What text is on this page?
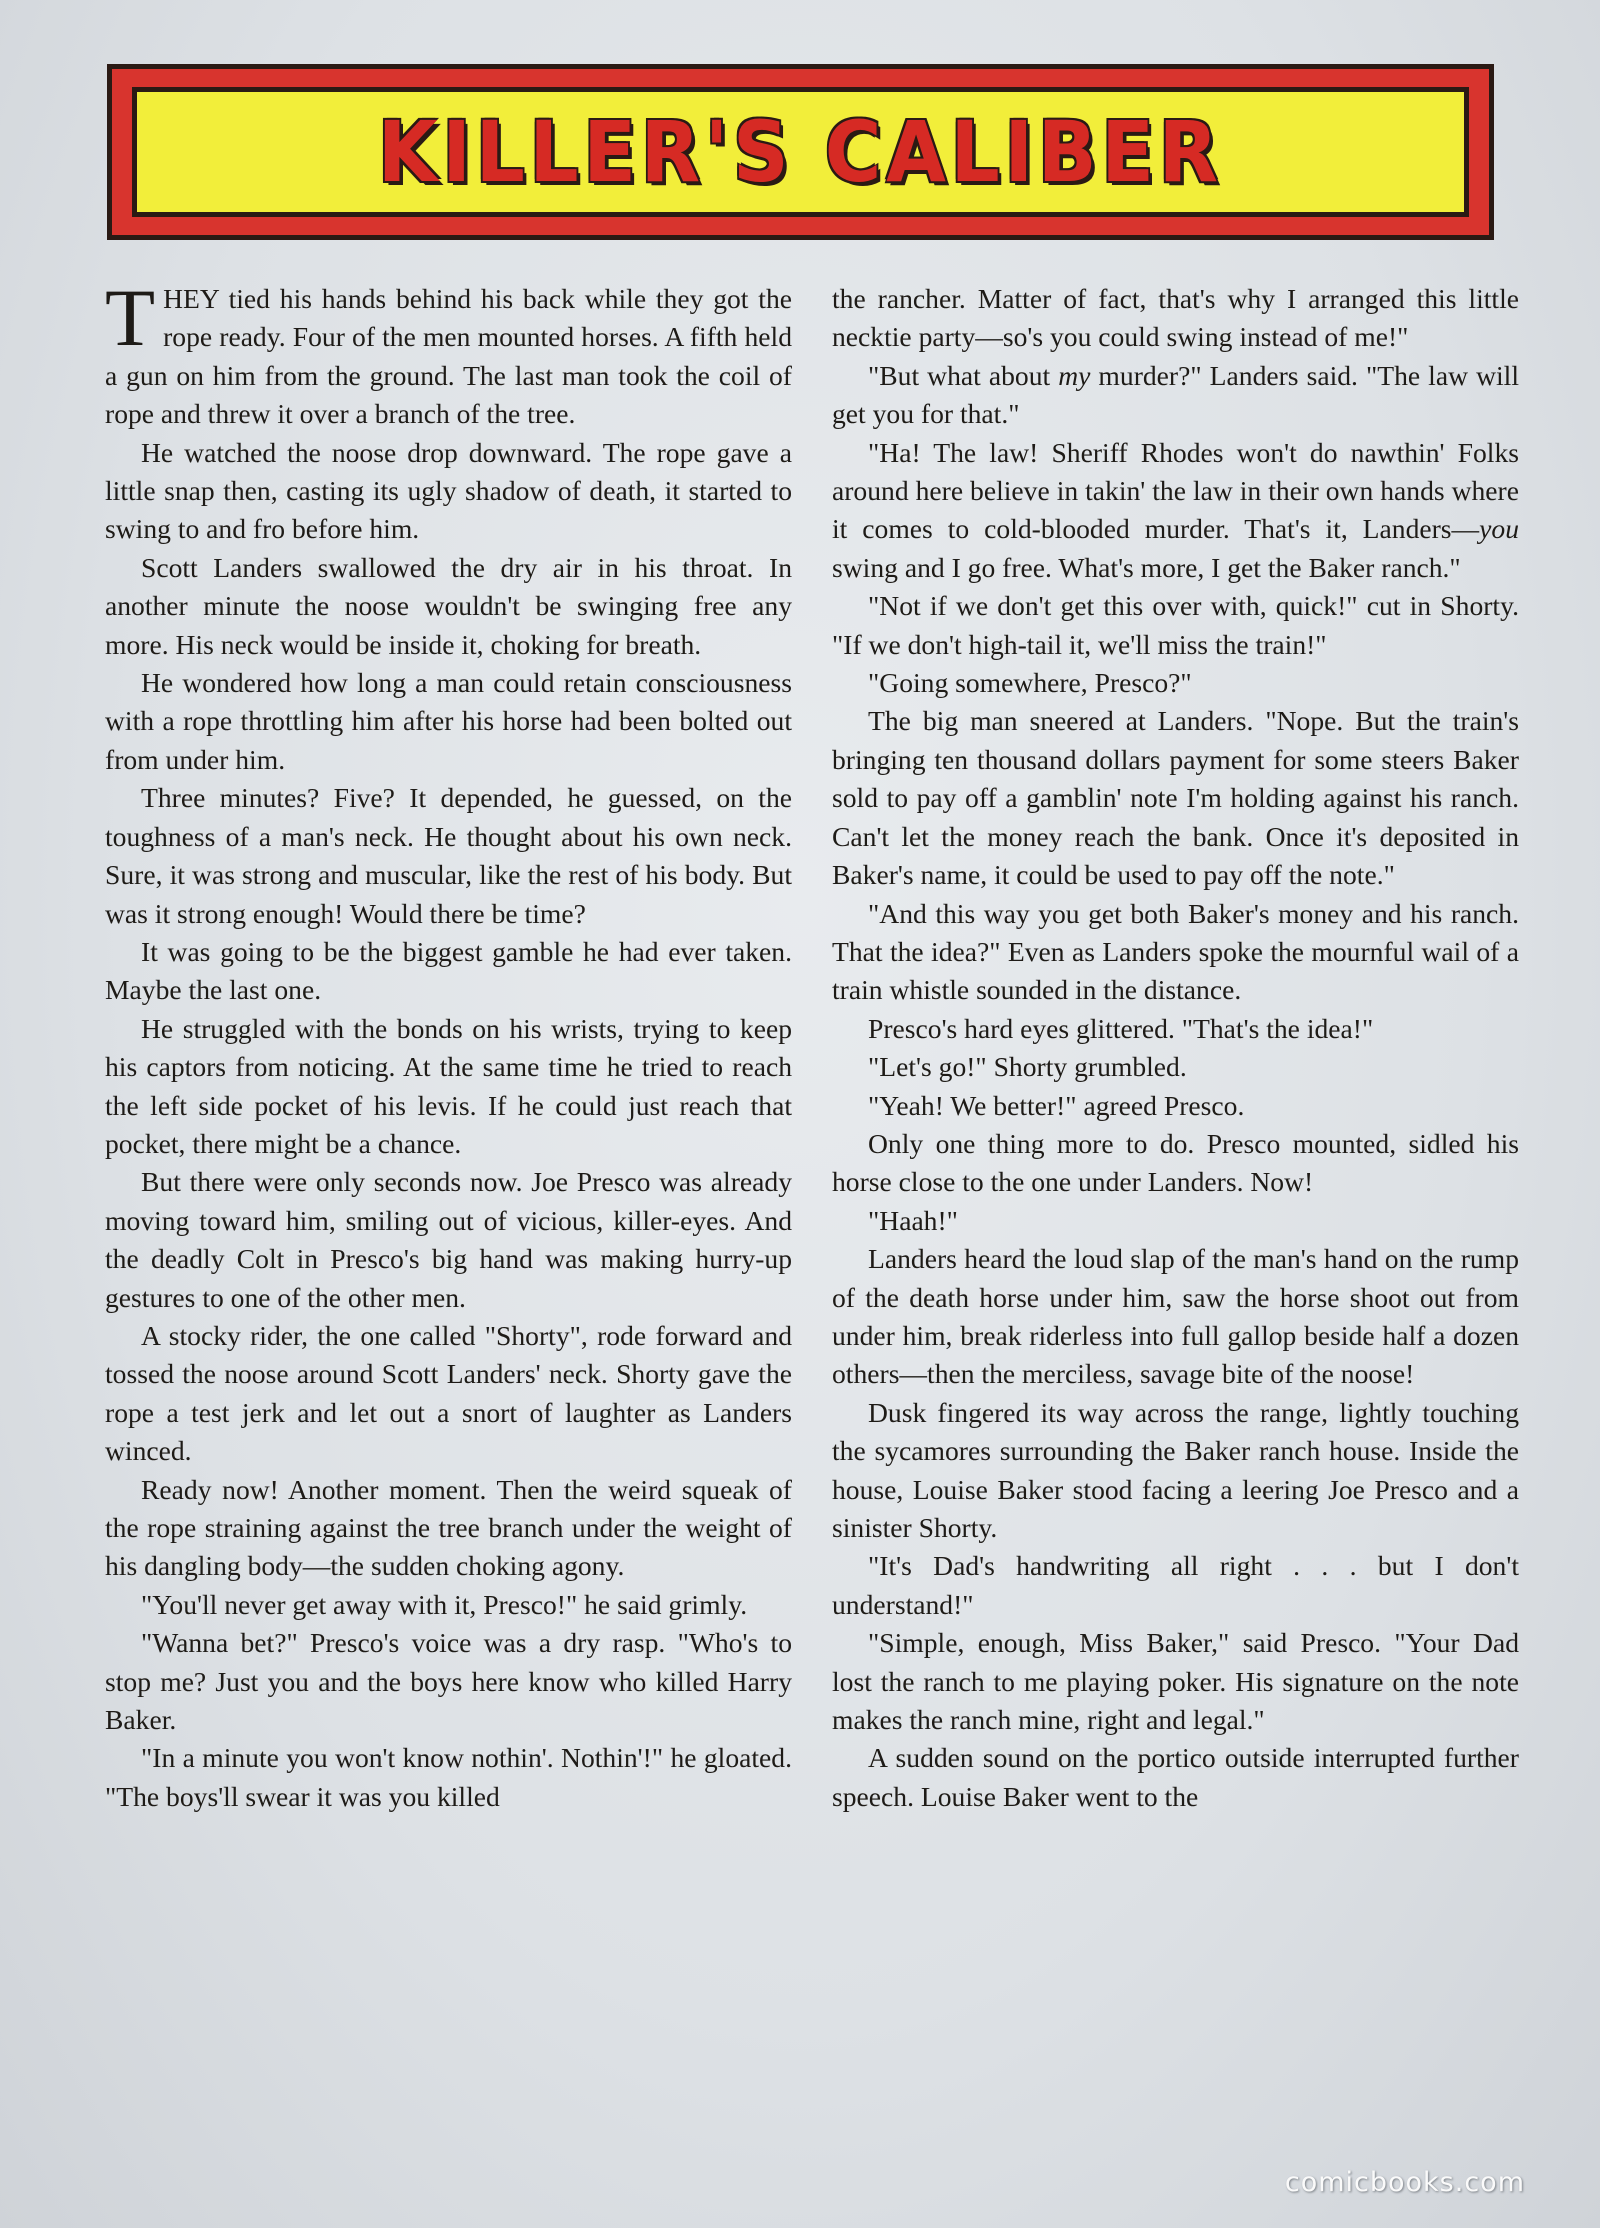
KILLER'S CALIBER

THEY tied his hands behind his back while they got the rope ready. Four of the men mounted horses. A fifth held a gun on him from the ground. The last man took the coil of rope and threw it over a branch of the tree.

He watched the noose drop downward. The rope gave a little snap then, casting its ugly shadow of death, it started to swing to and fro before him.

Scott Landers swallowed the dry air in his throat. In another minute the noose wouldn't be swinging free any more. His neck would be inside it, choking for breath.

He wondered how long a man could retain consciousness with a rope throttling him after his horse had been bolted out from under him.

Three minutes? Five? It depended, he guessed, on the toughness of a man's neck. He thought about his own neck. Sure, it was strong and muscular, like the rest of his body. But was it strong enough! Would there be time?

It was going to be the biggest gamble he had ever taken. Maybe the last one.

He struggled with the bonds on his wrists, trying to keep his captors from noticing. At the same time he tried to reach the left side pocket of his levis. If he could just reach that pocket, there might be a chance.

But there were only seconds now. Joe Presco was already moving toward him, smiling out of vicious, killer-eyes. And the deadly Colt in Presco's big hand was making hurry-up gestures to one of the other men.

A stocky rider, the one called "Shorty", rode forward and tossed the noose around Scott Landers' neck. Shorty gave the rope a test jerk and let out a snort of laughter as Landers winced.

Ready now! Another moment. Then the weird squeak of the rope straining against the tree branch under the weight of his dangling body—the sudden choking agony.

"You'll never get away with it, Presco!" he said grimly.

"Wanna bet?" Presco's voice was a dry rasp. "Who's to stop me? Just you and the boys here know who killed Harry Baker.

"In a minute you won't know nothin'. Nothin'!" he gloated. "The boys'll swear it was you killed

the rancher. Matter of fact, that's why I arranged this little necktie party—so's you could swing instead of me!"

"But what about my murder?" Landers said. "The law will get you for that."

"Ha! The law! Sheriff Rhodes won't do nawthin' Folks around here believe in takin' the law in their own hands where it comes to cold-blooded murder. That's it, Landers—you swing and I go free. What's more, I get the Baker ranch."

"Not if we don't get this over with, quick!" cut in Shorty. "If we don't high-tail it, we'll miss the train!"

"Going somewhere, Presco?"

The big man sneered at Landers. "Nope. But the train's bringing ten thousand dollars payment for some steers Baker sold to pay off a gamblin' note I'm holding against his ranch. Can't let the money reach the bank. Once it's deposited in Baker's name, it could be used to pay off the note."

"And this way you get both Baker's money and his ranch. That the idea?" Even as Landers spoke the mournful wail of a train whistle sounded in the distance.

Presco's hard eyes glittered. "That's the idea!"

"Let's go!" Shorty grumbled.

"Yeah! We better!" agreed Presco.

Only one thing more to do. Presco mounted, sidled his horse close to the one under Landers. Now!

"Haah!"

Landers heard the loud slap of the man's hand on the rump of the death horse under him, saw the horse shoot out from under him, break riderless into full gallop beside half a dozen others—then the merciless, savage bite of the noose!

Dusk fingered its way across the range, lightly touching the sycamores surrounding the Baker ranch house. Inside the house, Louise Baker stood facing a leering Joe Presco and a sinister Shorty.

"It's Dad's handwriting all right . . . but I don't understand!"

"Simple, enough, Miss Baker," said Presco. "Your Dad lost the ranch to me playing poker. His signature on the note makes the ranch mine, right and legal."

A sudden sound on the portico outside interrupted further speech. Louise Baker went to the

comicbooks.com
